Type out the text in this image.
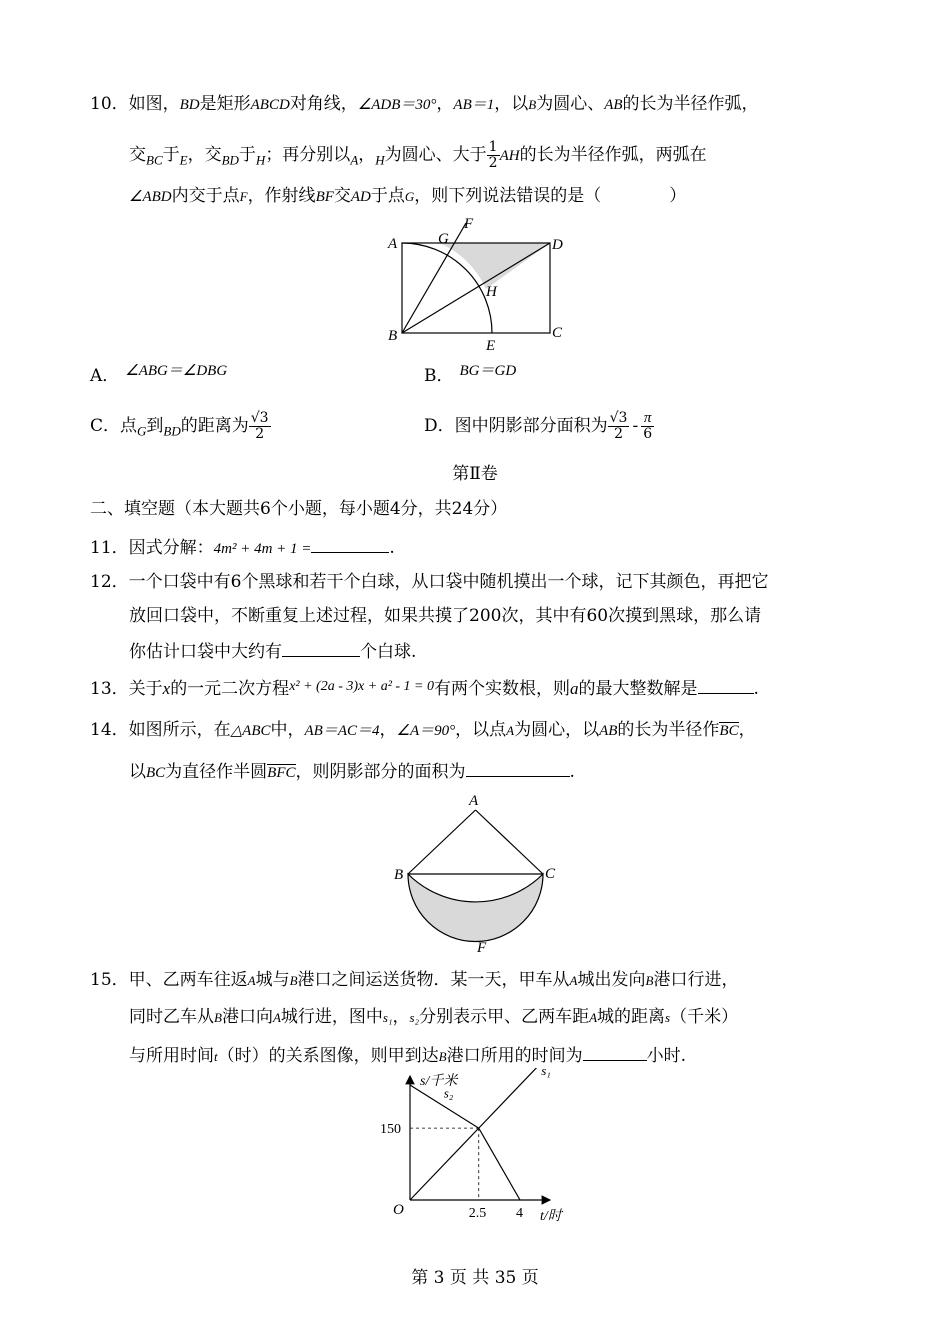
10．如图，BD是矩形ABCD对角线，∠ADB＝30°，AB＝1，以B为圆心、AB的长为半径作弧，
交$_{BC}$于$_E$，交$_{BD}$于$_H$；再分别以$_A$，$_H$为圆心、大于 $\frac{1}{2}$ AH的长为半径作弧，两弧在
∠ABD内交于点F，作射线BF交AD于点G，则下列说法错误的是（　　　　）
A	G
F
D
H
B
E
C
A． ∠ABG＝∠DBG	B． BG＝GD
C．点$_G$到$_{BD}$的距离为 $\frac{√3}{2}$	D．图中阴影部分面积为 $\frac{√3}{2} - \frac{\pi}{6}$
第Ⅱ卷
二、填空题（本大题共6个小题，每小题4分，共24分）
11．因式分解：4m² + 4m + 1 =	.
12．一个口袋中有6个黑球和若干个白球，从口袋中随机摸出一个球，记下其颜色，再把它
放回口袋中，不断重复上述过程，如果共摸了200次，其中有60次摸到黑球，那么请
你估计口袋中大约有	个白球.
13．关于x的一元二次方程$^{x^2 + (2a - 3)x + a^2 - 1 = 0}$有两个实数根，则a的最大整数解是	.
14．如图所示，在△ABC中，AB＝AC＝4，∠A＝90°，以点A为圆心，以AB的长为半径作BC，
以BC为直径作半圆BFC，则阴影部分的面积为	.
A
B	C
F
15．甲、乙两车往返A城与B港口之间运送货物．某一天，甲车从A城出发向B港口行进，
同时乙车从B港口向A城行进，图中s₁，s₂分别表示甲、乙两车距A城的距离s（千米）
与所用时间t（时）的关系图像，则甲到达B港口所用的时间为	小时.
2.5 4
150
s₁
s₂
s/千米
t/时
O
第 3 页 共 35 页
